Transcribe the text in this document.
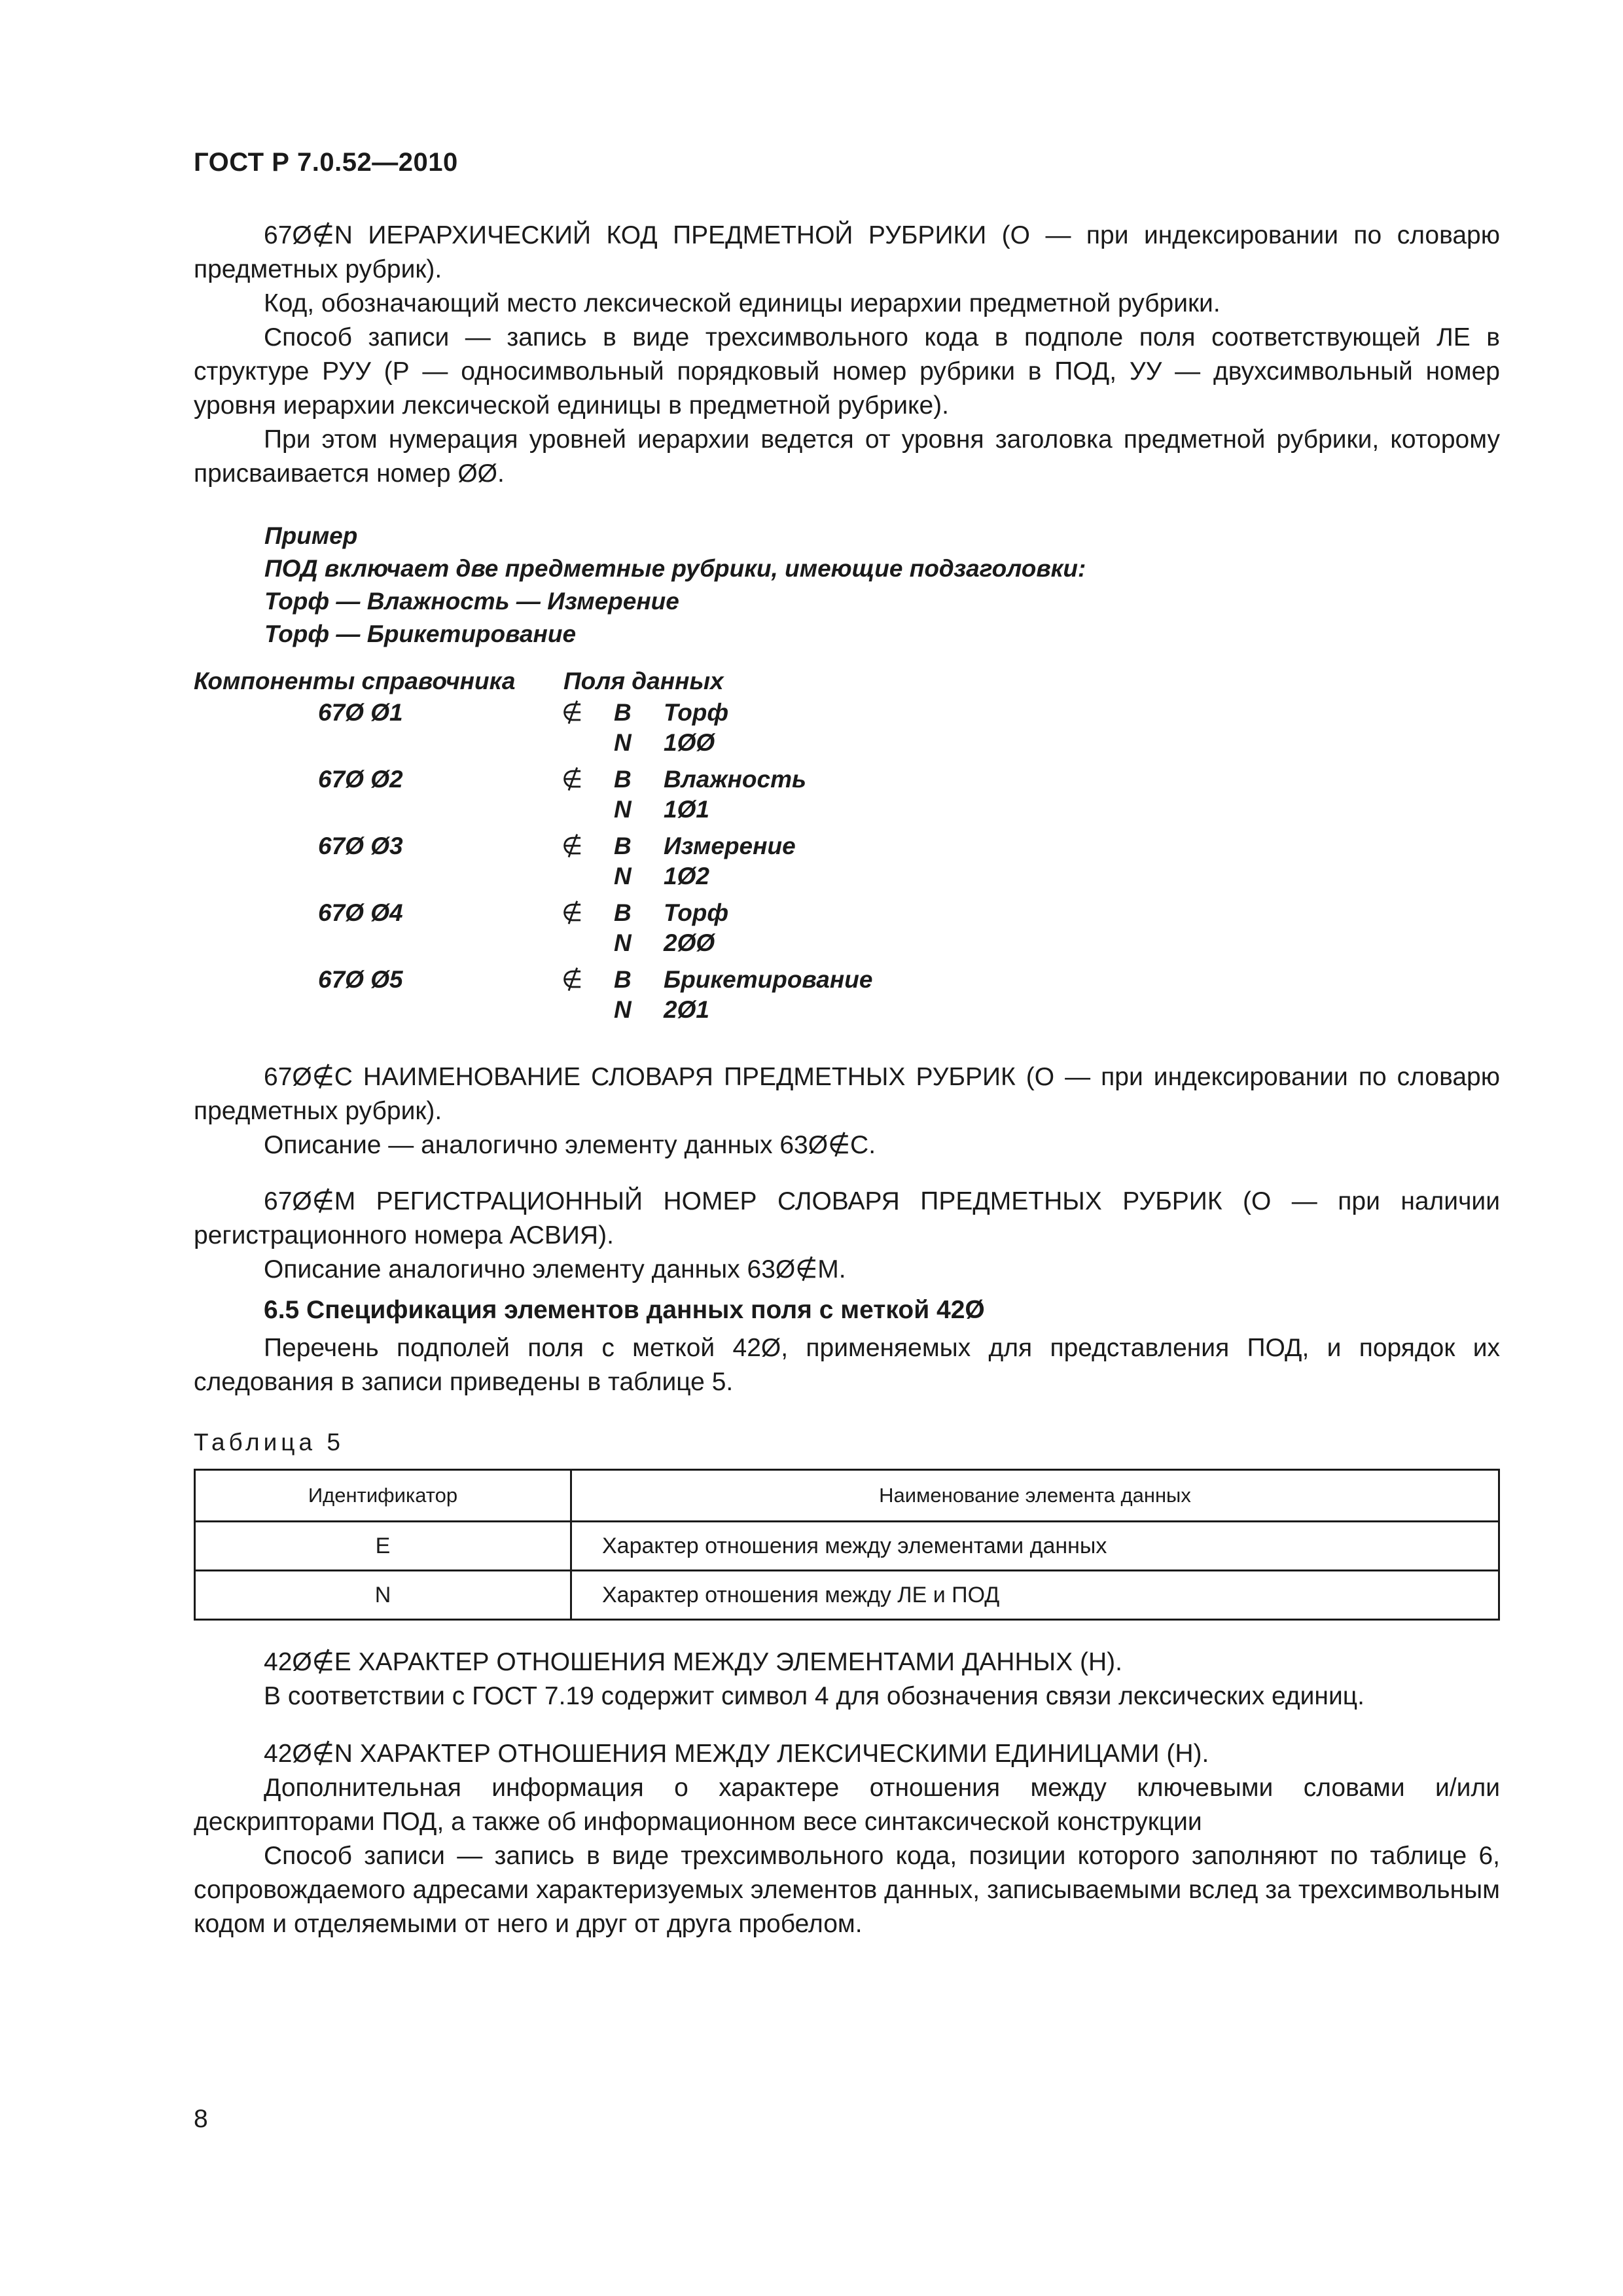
ГОСТ Р 7.0.52—2010

67Ø∉N ИЕРАРХИЧЕСКИЙ КОД ПРЕДМЕТНОЙ РУБРИКИ (О — при индексировании по словарю предметных рубрик).

Код, обозначающий место лексической единицы иерархии предметной рубрики.

Способ записи — запись в виде трехсимвольного кода в подполе поля соответствующей ЛЕ в структуре РУУ (Р — односимвольный порядковый номер рубрики в ПОД, УУ — двухсимвольный номер уровня иерархии лексической единицы в предметной рубрике).

При этом нумерация уровней иерархии ведется от уровня заголовка предметной рубрики, которому присваивается номер ØØ.

Пример

ПОД включает две предметные рубрики, имеющие подзаголовки:

Торф — Влажность — Измерение

Торф — Брикетирование

Компоненты справочника	Поля данных
67Ø Ø1	∉	B	Торф
N	1ØØ
67Ø Ø2	∉	B	Влажность
N	1Ø1
67Ø Ø3	∉	B	Измерение
N	1Ø2
67Ø Ø4	∉	B	Торф
N	2ØØ
67Ø Ø5	∉	B	Брикетирование
N	2Ø1

67Ø∉C НАИМЕНОВАНИЕ СЛОВАРЯ ПРЕДМЕТНЫХ РУБРИК (О — при индексировании по словарю предметных рубрик).

Описание — аналогично элементу данных 63Ø∉C.

67Ø∉M РЕГИСТРАЦИОННЫЙ НОМЕР СЛОВАРЯ ПРЕДМЕТНЫХ РУБРИК (О — при наличии регистрационного номера АСВИЯ).

Описание аналогично элементу данных 63Ø∉M.

6.5 Спецификация элементов данных поля с меткой 42Ø

Перечень подполей поля с меткой 42Ø, применяемых для представления ПОД, и порядок их следования в записи приведены в таблице 5.

Таблица 5
Идентификатор	Наименование элемента данных
E	Характер отношения между элементами данных
N	Характер отношения между ЛЕ и ПОД

42Ø∉E ХАРАКТЕР ОТНОШЕНИЯ МЕЖДУ ЭЛЕМЕНТАМИ ДАННЫХ (Н).

В соответствии с ГОСТ 7.19 содержит символ 4 для обозначения связи лексических единиц.

42Ø∉N ХАРАКТЕР ОТНОШЕНИЯ МЕЖДУ ЛЕКСИЧЕСКИМИ ЕДИНИЦАМИ (Н).

Дополнительная информация о характере отношения между ключевыми словами и/или дескрипторами ПОД, а также об информационном весе синтаксической конструкции

Способ записи — запись в виде трехсимвольного кода, позиции которого заполняют по таблице 6, сопровождаемого адресами характеризуемых элементов данных, записываемыми вслед за трехсимвольным кодом и отделяемыми от него и друг от друга пробелом.

8
